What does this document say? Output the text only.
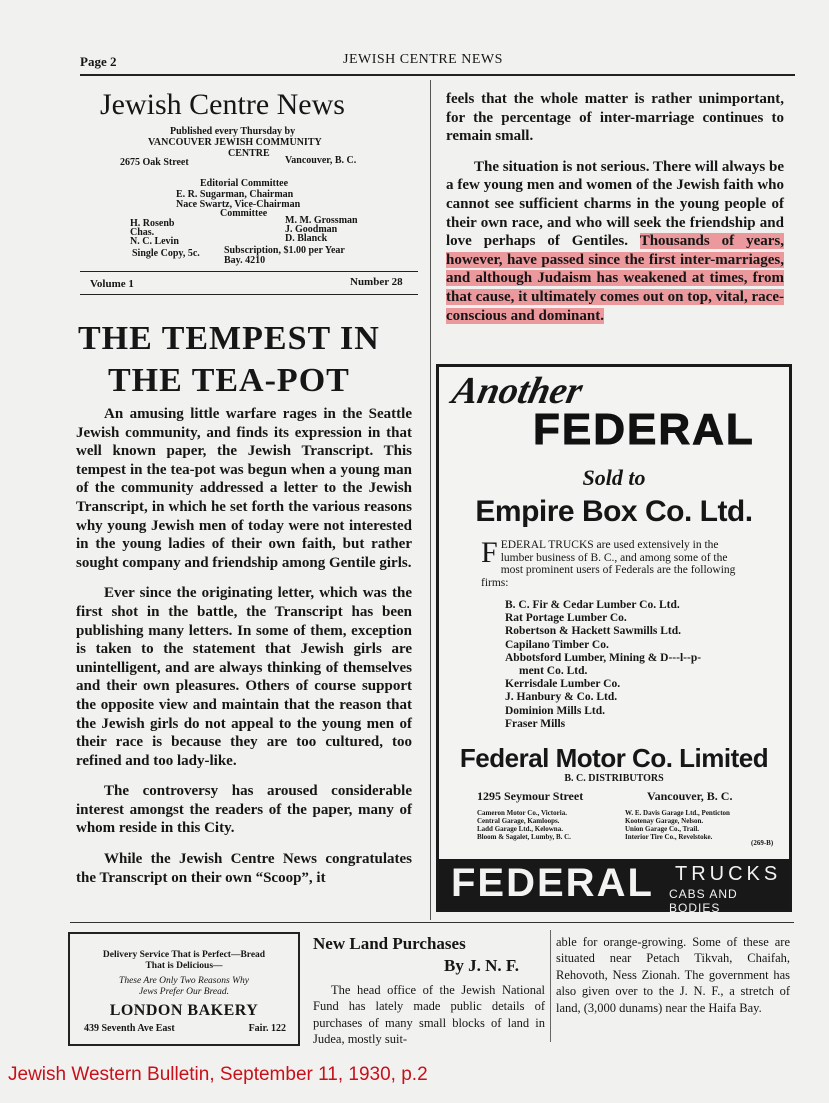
Page 2	JEWISH CENTRE NEWS
Jewish Centre News
Published every Thursday by
VANCOUVER JEWISH COMMUNITY
CENTRE
2675 Oak Street	Vancouver, B. C.
Editorial Committee
E. R. Sugarman, Chairman
Nace Swartz, Vice-Chairman
Committee
H. Rosenb
Chas.
N. C. Levin
M. M. Grossman
J. Goodman
D. Blanck
Single Copy, 5c. Subscription, $1.00 per Year
Bay. 4210
Volume 1	Number 28
THE TEMPEST IN
THE TEA-POT

An amusing little warfare rages in the Seattle Jewish community, and finds its expression in that well known paper, the Jewish Transcript. This tempest in the tea-pot was begun when a young man of the community addressed a letter to the Jewish Transcript, in which he set forth the various reasons why young Jewish men of today were not interested in the young ladies of their own faith, but rather sought company and friendship among Gentile girls.

Ever since the originating letter, which was the first shot in the battle, the Transcript has been publishing many letters. In some of them, exception is taken to the statement that Jewish girls are unintelligent, and are always thinking of themselves and their own pleasures. Others of course support the opposite view and maintain that the reason that the Jewish girls do not appeal to the young men of their race is because they are too cultured, too refined and too lady-like.

The controversy has aroused considerable interest amongst the readers of the paper, many of whom reside in this City.

While the Jewish Centre News congratulates the Transcript on their own “Scoop”, it

feels that the whole matter is rather unimportant, for the percentage of inter-marriage continues to remain small.

The situation is not serious. There will always be a few young men and women of the Jewish faith who cannot see sufficient charms in the young people of their own race, and who will seek the friendship and love perhaps of Gentiles. Thousands of years, however, have passed since the first inter-marriages, and although Judaism has weakened at times, from that cause, it ultimately comes out on top, vital, race-conscious and dominant.

Another
FEDERAL
Sold to
Empire Box Co. Ltd.
FEDERAL TRUCKS are used extensively in the lumber business of B. C., and among some of the most prominent users of Federals are the following firms:
B. C. Fir & Cedar Lumber Co. Ltd.
Rat Portage Lumber Co.
Robertson & Hackett Sawmills Ltd.
Capilano Timber Co.
Abbotsford Lumber, Mining & D---l--p-
ment Co. Ltd.
Kerrisdale Lumber Co.
J. Hanbury & Co. Ltd.
Dominion Mills Ltd.
Fraser Mills
Federal Motor Co. Limited
B. C. DISTRIBUTORS
1295 Seymour Street	Vancouver, B. C.
Cameron Motor Co., Victoria.
Central Garage, Kamloops.
Ladd Garage Ltd., Kelowna.
Bloom & Sagalet, Lumby, B. C.
W. E. Davis Garage Ltd., Penticton
Kootenay Garage, Nelson.
Union Garage Co., Trail.
Interior Tire Co., Revelstoke.
(269-B)
FEDERAL TRUCKS
CABS AND BODIES
Delivery Service That is Perfect—Bread
That is Delicious—
These Are Only Two Reasons Why
Jews Prefer Our Bread.
LONDON BAKERY
439 Seventh Ave East	Fair. 122
New Land Purchases
By J. N. F.

The head office of the Jewish National Fund has lately made public details of purchases of many small blocks of land in Judea, mostly suit-

able for orange-growing. Some of these are situated near Petach Tikvah, Chaifah, Rehovoth, Ness Zionah. The government has also given over to the J. N. F., a stretch of land, (3,000 dunams) near the Haifa Bay.

Jewish Western Bulletin, September 11, 1930, p.2
